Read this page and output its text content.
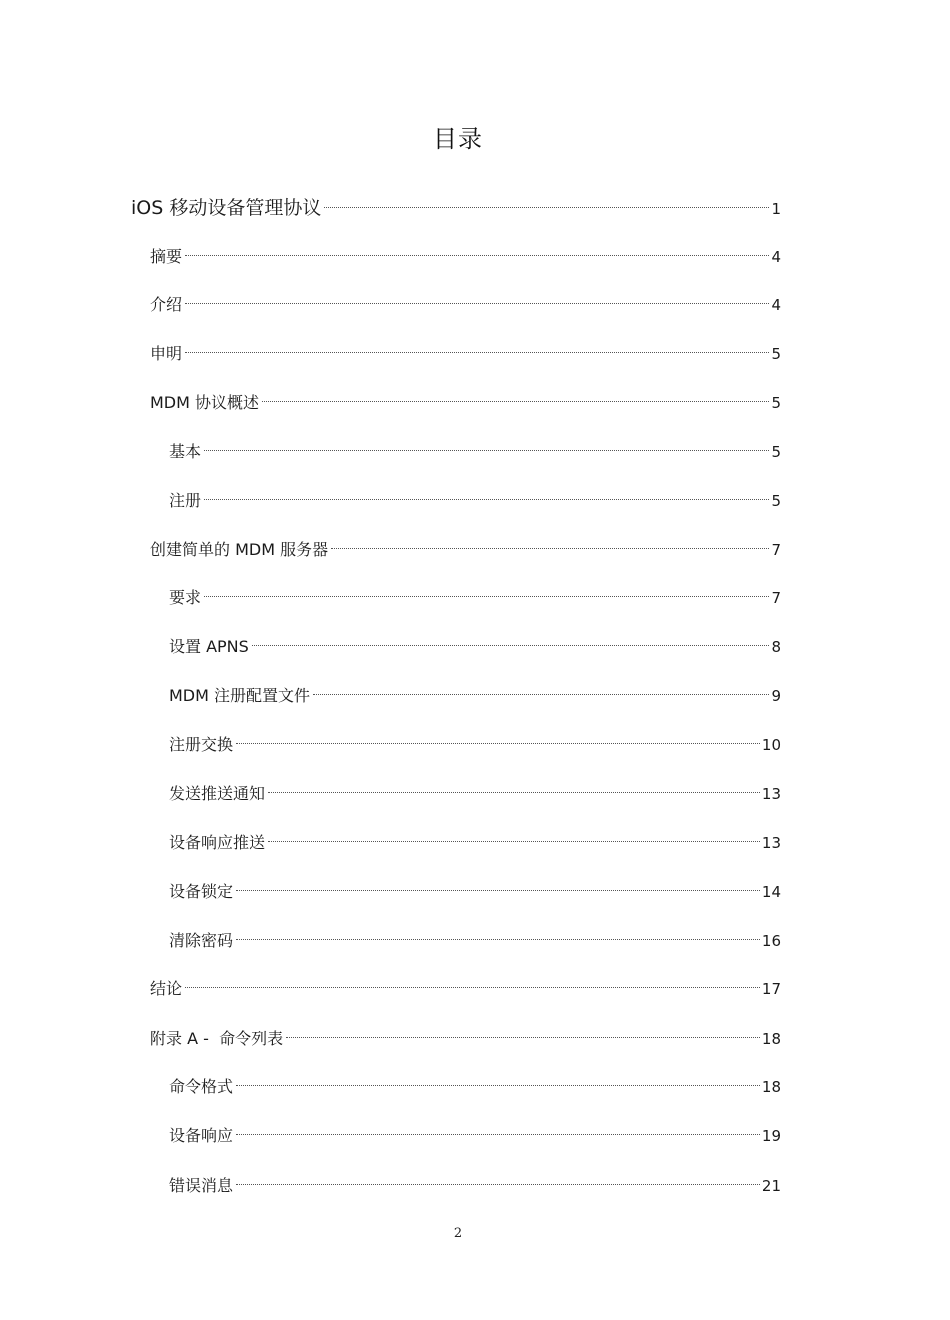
目录
iOS 移动设备管理协议	1
摘要	4
介绍	4
申明	5
MDM 协议概述	5
基本	5
注册	5
创建简单的 MDM 服务器	7
要求	7
设置 APNS	8
MDM 注册配置文件	9
注册交换	10
发送推送通知	13
设备响应推送	13
设备锁定	14
清除密码	16
结论	17
附录 A -  命令列表	18
命令格式	18
设备响应	19
错误消息	21
2
